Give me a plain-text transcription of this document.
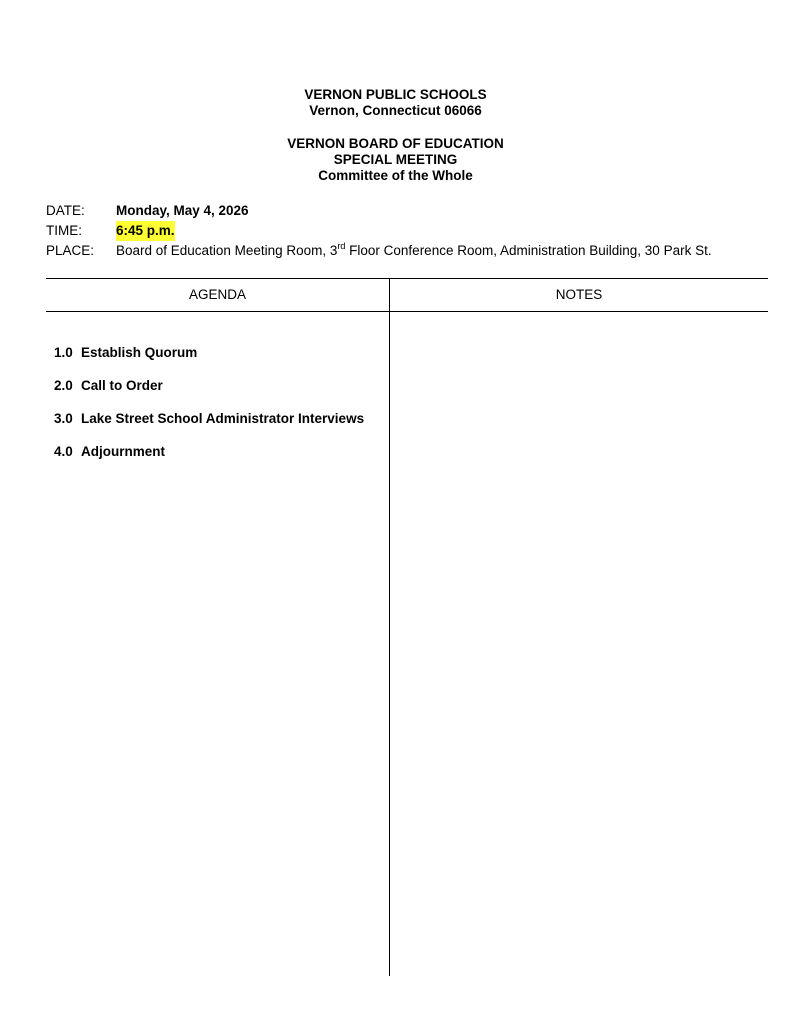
VERNON PUBLIC SCHOOLS
Vernon, Connecticut 06066
VERNON BOARD OF EDUCATION
SPECIAL MEETING
Committee of the Whole
DATE:	Monday, May 4, 2026
TIME:	6:45 p.m.
PLACE:	Board of Education Meeting Room, 3rd Floor Conference Room, Administration Building, 30 Park St.
AGENDA	NOTES
1.0 Establish Quorum
2.0 Call to Order
3.0 Lake Street School Administrator Interviews
4.0 Adjournment
